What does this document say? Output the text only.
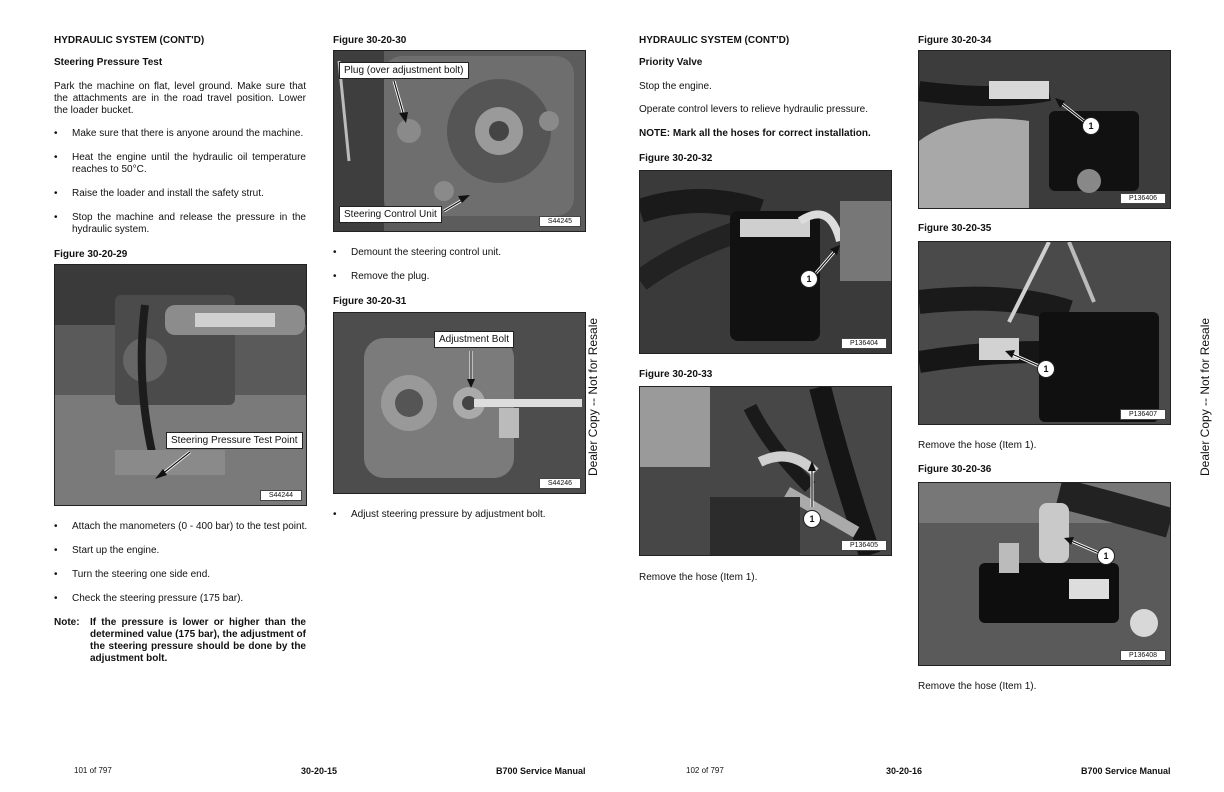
HYDRAULIC SYSTEM (CONT'D)
Steering Pressure Test
Park the machine on flat, level ground. Make sure that the attachments are in the road travel position. Lower the loader bucket.
• Make sure that there is anyone around the machine.
• Heat the engine until the hydraulic oil temperature reaches to 50°C.
• Raise the loader and install the safety strut.
• Stop the machine and release the pressure in the hydraulic system.
Figure 30-20-29
Steering Pressure Test Point
S44244
• Attach the manometers (0 - 400 bar) to the test point.
• Start up the engine.
• Turn the steering one side end.
• Check the steering pressure (175 bar).
Note: If the pressure is lower or higher than the determined value (175 bar), the adjustment of the steering pressure should be done by the adjustment bolt.
Figure 30-20-30
Plug (over adjustment bolt)
Steering Control Unit
S44245
• Demount the steering control unit.
• Remove the plug.
Figure 30-20-31
Adjustment Bolt
S44246
• Adjust steering pressure by adjustment bolt.
Dealer Copy -- Not for Resale
101 of 797	30-20-15	B700 Service Manual
HYDRAULIC SYSTEM (CONT'D)
Priority Valve
Stop the engine.
Operate control levers to relieve hydraulic pressure.
NOTE: Mark all the hoses for correct installation.
Figure 30-20-32
1
P136404
Figure 30-20-33
1
P136405
Remove the hose (Item 1).
Figure 30-20-34
1
P136406
Figure 30-20-35
1
P136407
Remove the hose (Item 1).
Figure 30-20-36
1
P136408
Remove the hose (Item 1).
Dealer Copy -- Not for Resale
102 of 797	30-20-16	B700 Service Manual
